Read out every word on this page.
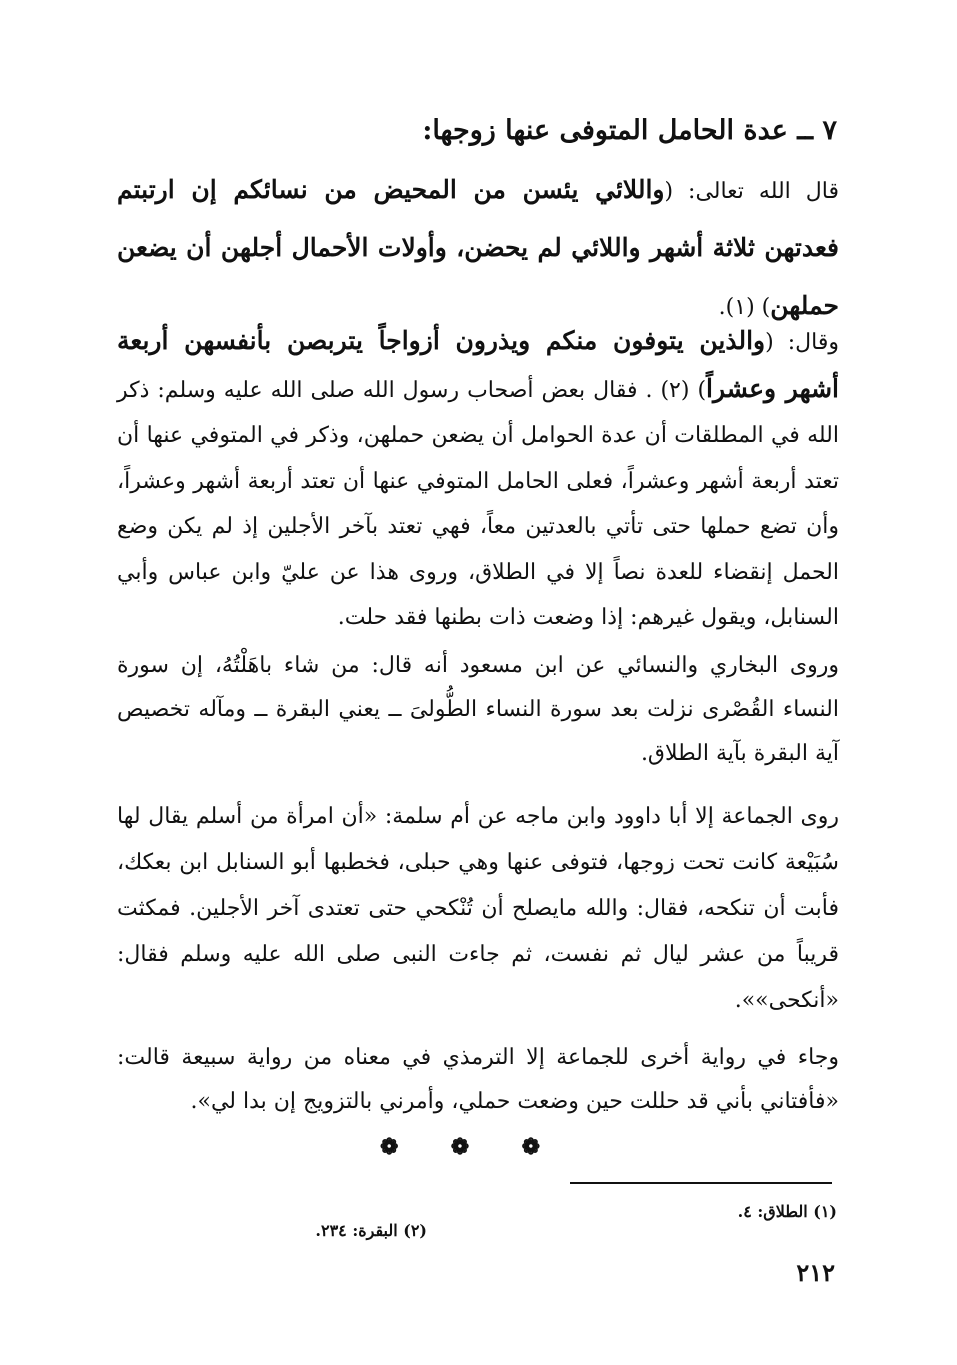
٧ ــ عدة الحامل المتوفى عنها زوجها:
قال الله تعالى: (واللائي يئسن من المحيض من نسائكم إن ارتبتم فعدتهن ثلاثة أشهر واللائي لم يحضن، وأولات الأحمال أجلهن أن يضعن حملهن) (١).
وقال: (والذين يتوفون منكم ويذرون أزواجاً يتربصن بأنفسهن أربعة أشهر وعشراً) (٢) . فقال بعض أصحاب رسول الله صلى الله عليه وسلم: ذكر الله في المطلقات أن عدة الحوامل أن يضعن حملهن، وذكر في المتوفي عنها أن تعتد أربعة أشهر وعشراً، فعلى الحامل المتوفي عنها أن تعتد أربعة أشهر وعشراً، وأن تضع حملها حتى تأتي بالعدتين معاً، فهي تعتد بآخر الأجلين إذ لم يكن وضع الحمل إنقضاء للعدة نصاً إلا في الطلاق، وروى هذا عن عليّ وابن عباس وأبي السنابل، ويقول غيرهم: إذا وضعت ذات بطنها فقد حلت.
وروى البخاري والنسائي عن ابن مسعود أنه قال: من شاء باهَلْتُهُ، إن سورة النساء القُصْرى نزلت بعد سورة النساء الطُّولىَ ــ يعني البقرة ــ ومآله تخصيص آية البقرة بآية الطلاق.
روى الجماعة إلا أبا داوود وابن ماجه عن أم سلمة: «أن امرأة من أسلم يقال لها سُبَيْعة كانت تحت زوجها، فتوفى عنها وهي حبلى، فخطبها أبو السنابل ابن بعكك، فأبت أن تنكحه، فقال: والله مايصلح أن تُنْكحي حتى تعتدى آخر الأجلين. فمكثت قريباً من عشر ليال ثم نفست، ثم جاءت النبى صلى الله عليه وسلم فقال: «أنكحى»».
وجاء في رواية أخرى للجماعة إلا الترمذي في معناه من رواية سبيعة قالت: «فأفتاني بأني قد حللت حين وضعت حملي، وأمرني بالتزويج إن بدا لي».
❁ ❁ ❁
(١) الطلاق: ٤.
(٢) البقرة: ٢٣٤.
٢١٢
